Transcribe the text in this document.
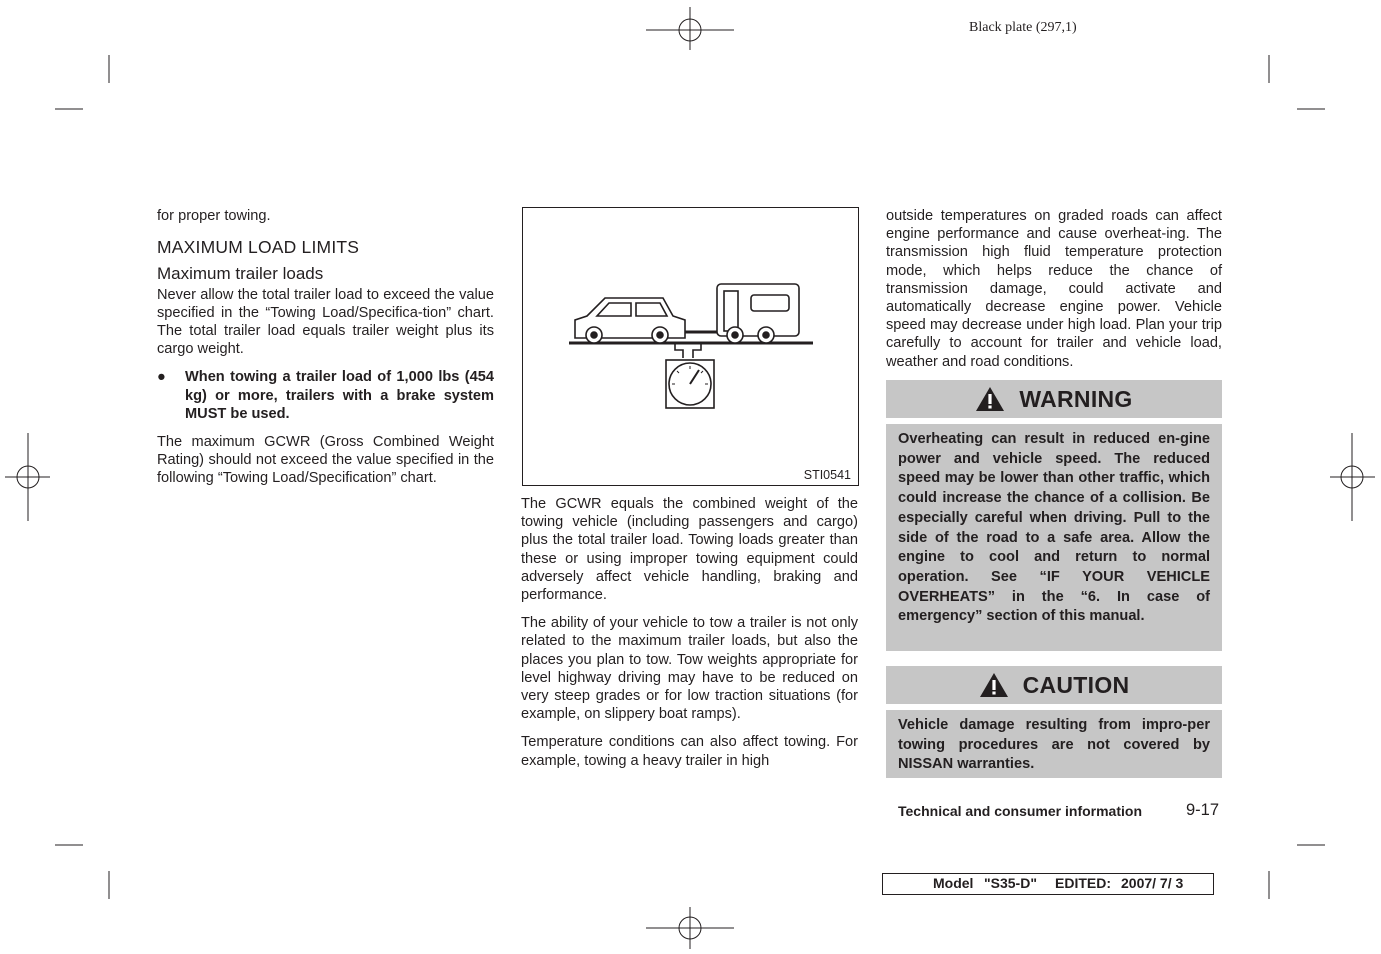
Black plate (297,1)

for proper towing.

MAXIMUM LOAD LIMITS
Maximum trailer loads

Never allow the total trailer load to exceed the value specified in the “Towing Load/Specifica-tion” chart. The total trailer load equals trailer weight plus its cargo weight.

●	When towing a trailer load of 1,000 lbs (454 kg) or more, trailers with a brake system MUST be used.

The maximum GCWR (Gross Combined Weight Rating) should not exceed the value specified in the following “Towing Load/Specification” chart.	STI0541

The GCWR equals the combined weight of the towing vehicle (including passengers and cargo) plus the total trailer load. Towing loads greater than these or using improper towing equipment could adversely affect vehicle handling, braking and performance.

The ability of your vehicle to tow a trailer is not only related to the maximum trailer loads, but also the places you plan to tow. Tow weights appropriate for level highway driving may have to be reduced on very steep grades or for low traction situations (for example, on slippery boat ramps).

Temperature conditions can also affect towing. For example, towing a heavy trailer in high

outside temperatures on graded roads can affect engine performance and cause overheat-ing. The transmission high fluid temperature protection mode, which helps reduce the chance of transmission damage, could activate and automatically decrease engine power. Vehicle speed may decrease under high load. Plan your trip carefully to account for trailer and vehicle load, weather and road conditions.

WARNING

Overheating can result in reduced en-gine power and vehicle speed. The reduced speed may be lower than other traffic, which could increase the chance of a collision. Be especially careful when driving. Pull to the side of the road to a safe area. Allow the engine to cool and return to normal operation. See “IF YOUR VEHICLE OVERHEATS” in the “6. In case of emergency” section of this manual.

CAUTION

Vehicle damage resulting from impro-per towing procedures are not covered by NISSAN warranties.

Technical and consumer information	9-17
Model "S35-D" EDITED: 2007/ 7/ 3
